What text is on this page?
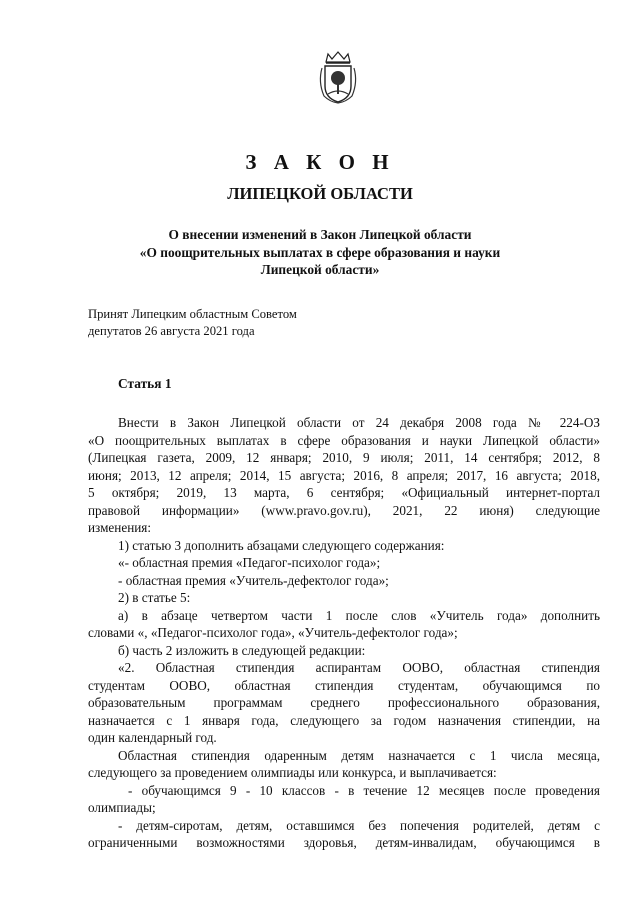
З А К О Н
ЛИПЕЦКОЙ ОБЛАСТИ
О внесении изменений в Закон Липецкой области
«О поощрительных выплатах в сфере образования и науки
Липецкой области»
Принят Липецким областным Советом
депутатов 26 августа 2021 года
Статья 1
Внести в Закон Липецкой области от 24 декабря 2008 года № 224-ОЗ
«О поощрительных выплатах в сфере образования и науки Липецкой области»
(Липецкая газета, 2009, 12 января; 2010, 9 июля; 2011, 14 сентября; 2012, 8
июня; 2013, 12 апреля; 2014, 15 августа; 2016, 8 апреля; 2017, 16 августа; 2018,
5 октября; 2019, 13 марта, 6 сентября; «Официальный интернет-портал
правовой информации» (www.pravo.gov.ru), 2021, 22 июня) следующие
изменения:
1) статью 3 дополнить абзацами следующего содержания:
«- областная премия «Педагог-психолог года»;
- областная премия «Учитель-дефектолог года»;
2) в статье 5:
а) в абзаце четвертом части 1 после слов «Учитель года» дополнить
словами «, «Педагог-психолог года», «Учитель-дефектолог года»;
б) часть 2 изложить в следующей редакции:
«2. Областная стипендия аспирантам ООВО, областная стипендия
студентам ООВО, областная стипендия студентам, обучающимся по
образовательным программам среднего профессионального образования,
назначается с 1 января года, следующего за годом назначения стипендии, на
один календарный год.
Областная стипендия одаренным детям назначается с 1 числа месяца,
следующего за проведением олимпиады или конкурса, и выплачивается:
- обучающимся 9 - 10 классов - в течение 12 месяцев после проведения
олимпиады;
- детям-сиротам, детям, оставшимся без попечения родителей, детям с
ограниченными возможностями здоровья, детям-инвалидам, обучающимся в
